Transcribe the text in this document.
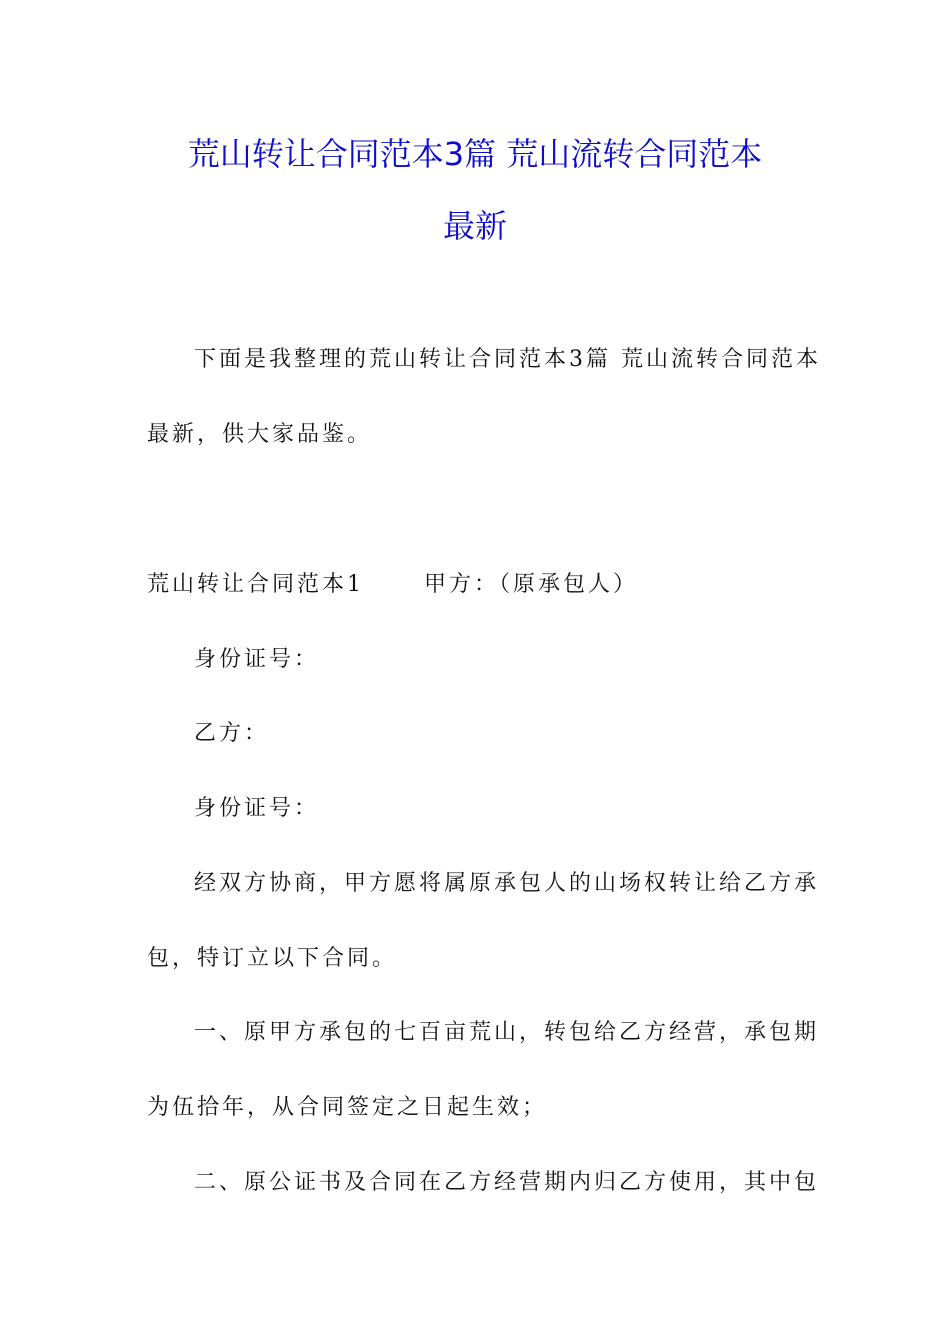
荒山转让合同范本3篇 荒山流转合同范本
最新
下面是我整理的荒山转让合同范本3篇 荒山流转合同范本
最新，供大家品鉴。
荒山转让合同范本1　　 甲方：（原承包人）
身份证号：
乙方：
身份证号：
经双方协商，甲方愿将属原承包人的山场权转让给乙方承
包，特订立以下合同。
一、原甲方承包的七百亩荒山，转包给乙方经营，承包期
为伍拾年，从合同签定之日起生效；
二、原公证书及合同在乙方经营期内归乙方使用，其中包
